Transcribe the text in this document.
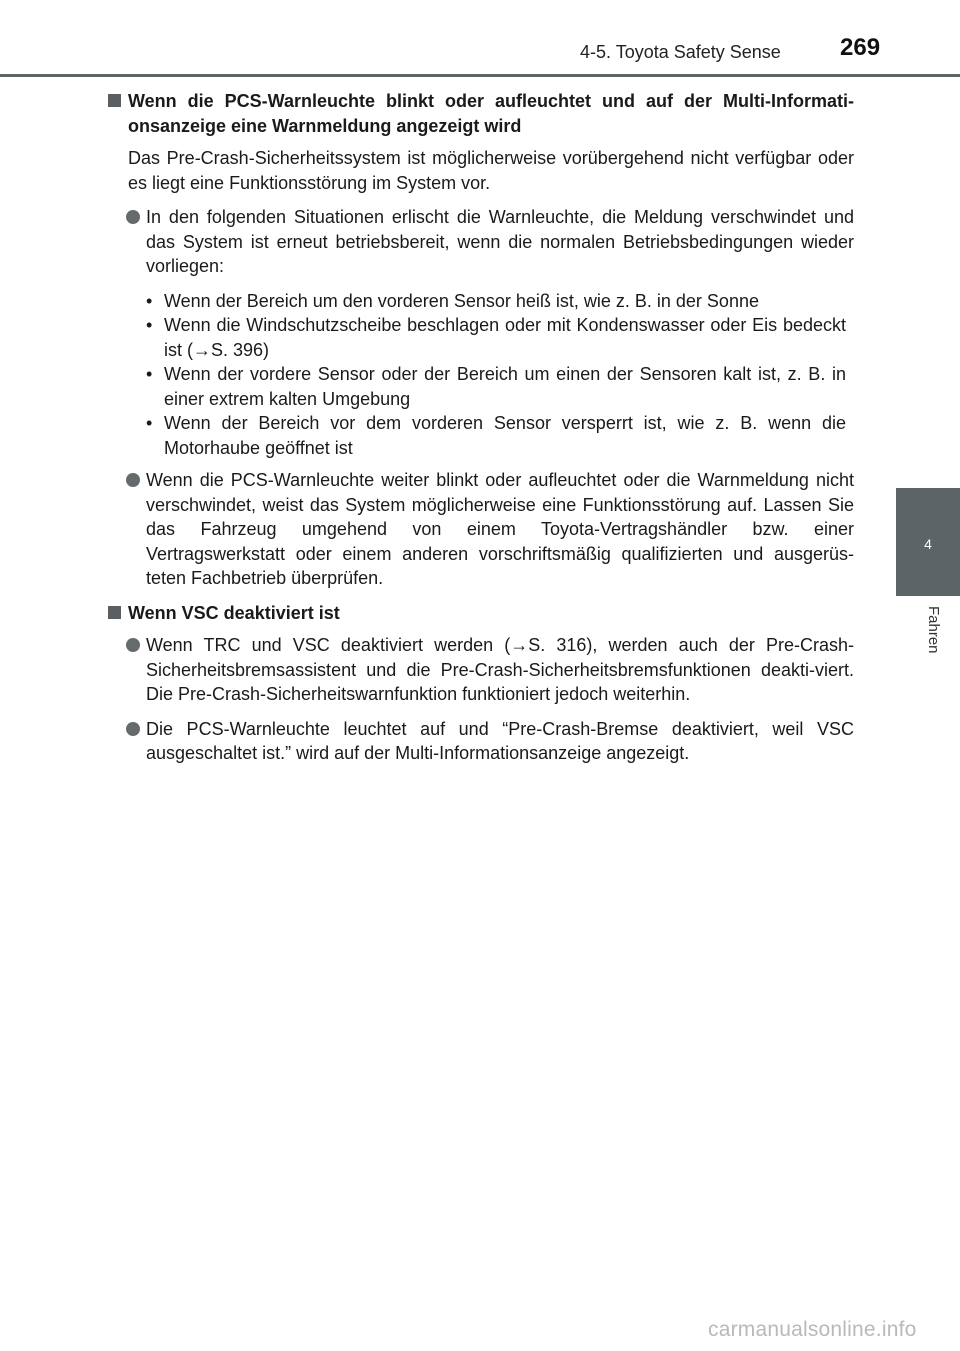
4-5. Toyota Safety Sense 269
4
Fahren
Wenn die PCS-Warnleuchte blinkt oder aufleuchtet und auf der Multi-Informati-onsanzeige eine Warnmeldung angezeigt wird
Das Pre-Crash-Sicherheitssystem ist möglicherweise vorübergehend nicht verfügbar oder es liegt eine Funktionsstörung im System vor.
In den folgenden Situationen erlischt die Warnleuchte, die Meldung verschwindet und das System ist erneut betriebsbereit, wenn die normalen Betriebsbedingungen wieder vorliegen:
• Wenn der Bereich um den vorderen Sensor heiß ist, wie z. B. in der Sonne
• Wenn die Windschutzscheibe beschlagen oder mit Kondenswasser oder Eis bedeckt ist (→S. 396)
• Wenn der vordere Sensor oder der Bereich um einen der Sensoren kalt ist, z. B. in einer extrem kalten Umgebung
• Wenn der Bereich vor dem vorderen Sensor versperrt ist, wie z. B. wenn die Motorhaube geöffnet ist
Wenn die PCS-Warnleuchte weiter blinkt oder aufleuchtet oder die Warnmeldung nicht verschwindet, weist das System möglicherweise eine Funktionsstörung auf. Lassen Sie das Fahrzeug umgehend von einem Toyota-Vertragshändler bzw. einer Vertragswerkstatt oder einem anderen vorschriftsmäßig qualifizierten und ausgerüs-teten Fachbetrieb überprüfen.
Wenn VSC deaktiviert ist
Wenn TRC und VSC deaktiviert werden (→S. 316), werden auch der Pre-Crash-Sicherheitsbremsassistent und die Pre-Crash-Sicherheitsbremsfunktionen deakti-viert. Die Pre-Crash-Sicherheitswarnfunktion funktioniert jedoch weiterhin.
Die PCS-Warnleuchte leuchtet auf und “Pre-Crash-Bremse deaktiviert, weil VSC ausgeschaltet ist.” wird auf der Multi-Informationsanzeige angezeigt.
carmanualsonline.info
